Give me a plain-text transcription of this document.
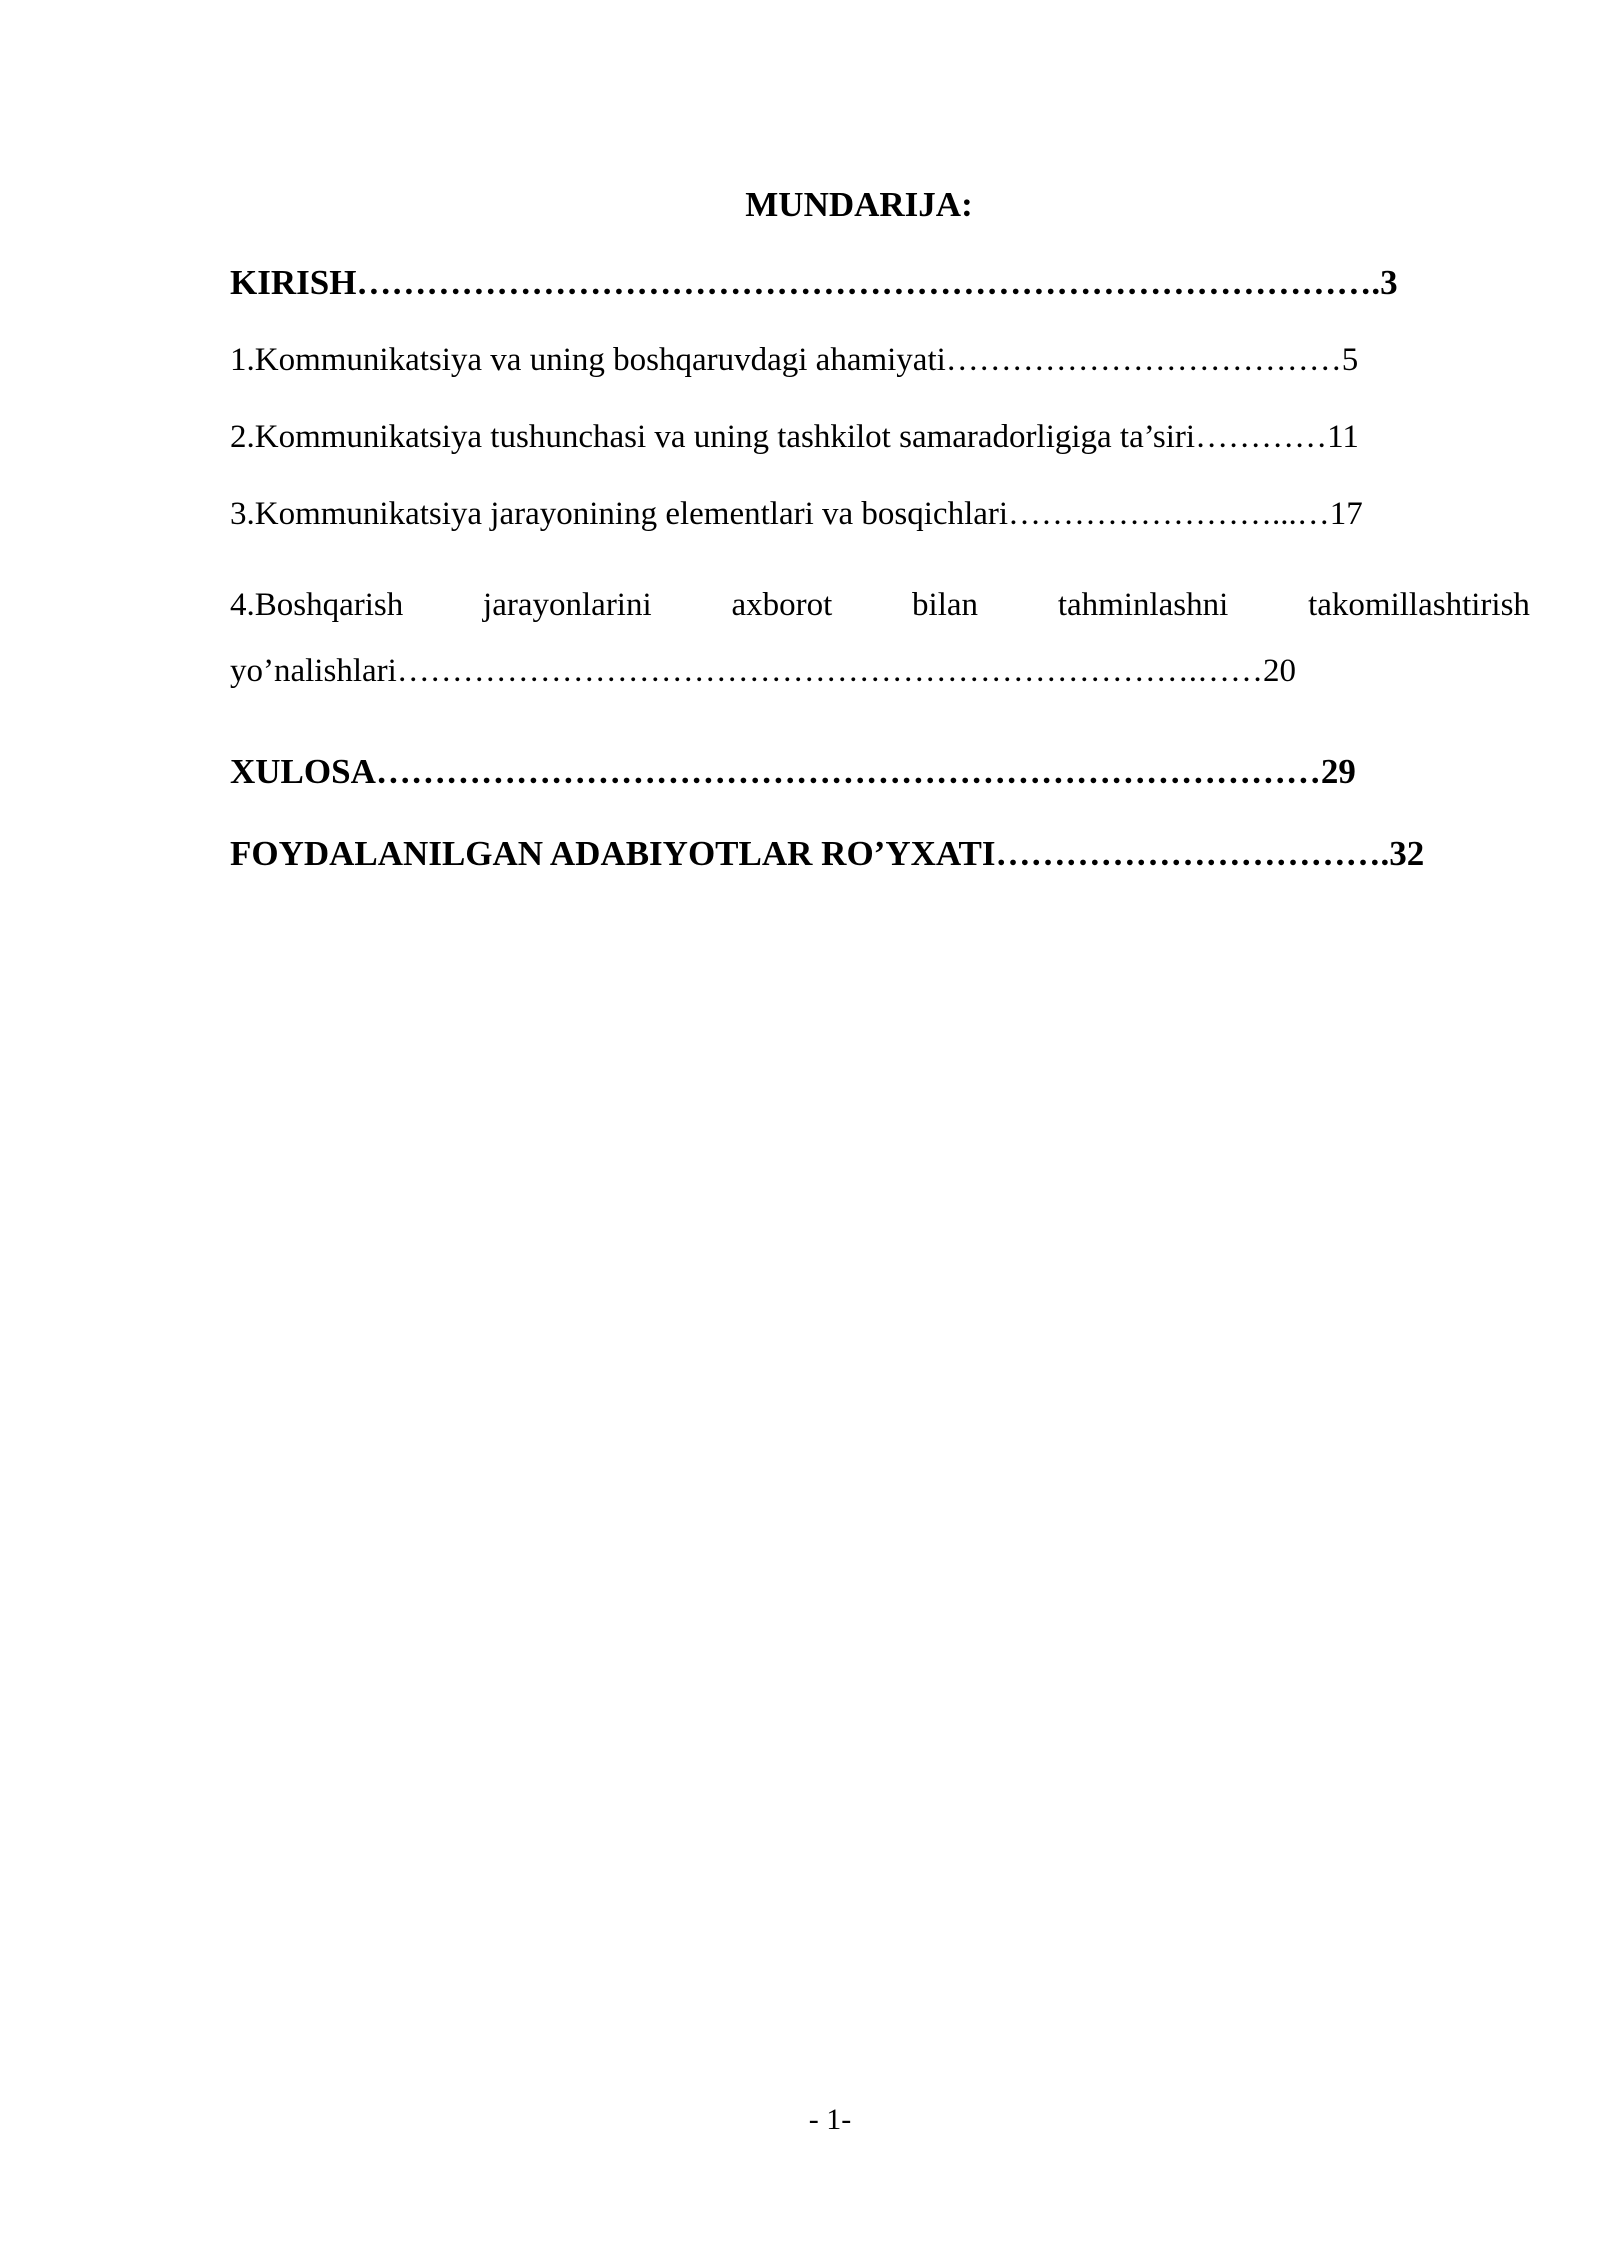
MUNDARIJA:
KIRISH…………………………………………………………………………….3
1.Kommunikatsiya va uning boshqaruvdagi ahamiyati………………………………5
2.Kommunikatsiya tushunchasi va uning tashkilot samaradorligiga ta’siri…………11
3.Kommunikatsiya jarayonining elementlari va bosqichlari……………………...…17
4.Boshqarish jarayonlarini axborot bilan tahminlashni takomillashtirish
yo’nalishlari……………………………………………………………….……20
XULOSA………………………………………………………………………29
FOYDALANILGAN ADABIYOTLAR RO’YXATI…………………………….32
- 1-
